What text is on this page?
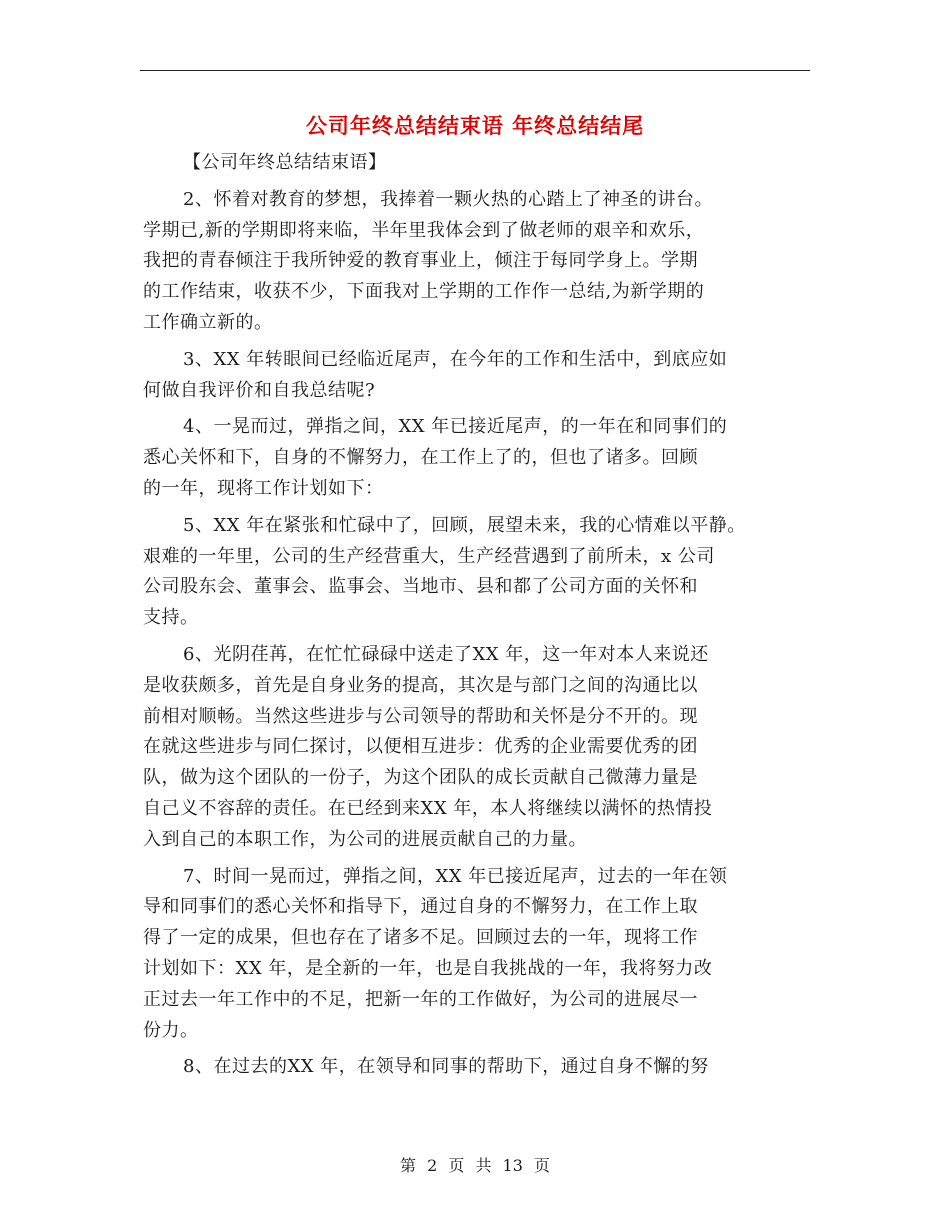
公司年终总结结束语 年终总结结尾
【公司年终总结结束语】
2、怀着对教育的梦想，我捧着一颗火热的心踏上了神圣的讲台。
学期已,新的学期即将来临，半年里我体会到了做老师的艰辛和欢乐，
我把的青春倾注于我所钟爱的教育事业上，倾注于每同学身上。学期
的工作结束，收获不少，下面我对上学期的工作作一总结,为新学期的
工作确立新的。
3、XX 年转眼间已经临近尾声，在今年的工作和生活中，到底应如
何做自我评价和自我总结呢?
4、一晃而过，弹指之间，XX 年已接近尾声，的一年在和同事们的
悉心关怀和下，自身的不懈努力，在工作上了的，但也了诸多。回顾
的一年，现将工作计划如下：
5、XX 年在紧张和忙碌中了，回顾，展望未来，我的心情难以平静。
艰难的一年里，公司的生产经营重大，生产经营遇到了前所未，x 公司
公司股东会、董事会、监事会、当地市、县和都了公司方面的关怀和
支持。
6、光阴荏苒，在忙忙碌碌中送走了XX 年，这一年对本人来说还
是收获颇多，首先是自身业务的提高，其次是与部门之间的沟通比以
前相对顺畅。当然这些进步与公司领导的帮助和关怀是分不开的。现
在就这些进步与同仁探讨，以便相互进步：优秀的企业需要优秀的团
队，做为这个团队的一份子，为这个团队的成长贡献自己微薄力量是
自己义不容辞的责任。在已经到来XX 年，本人将继续以满怀的热情投
入到自己的本职工作，为公司的进展贡献自己的力量。
7、时间一晃而过，弹指之间，XX 年已接近尾声，过去的一年在领
导和同事们的悉心关怀和指导下，通过自身的不懈努力，在工作上取
得了一定的成果，但也存在了诸多不足。回顾过去的一年，现将工作
计划如下：XX 年，是全新的一年，也是自我挑战的一年，我将努力改
正过去一年工作中的不足，把新一年的工作做好，为公司的进展尽一
份力。
8、在过去的XX 年，在领导和同事的帮助下，通过自身不懈的努
第 2 页 共 13 页
